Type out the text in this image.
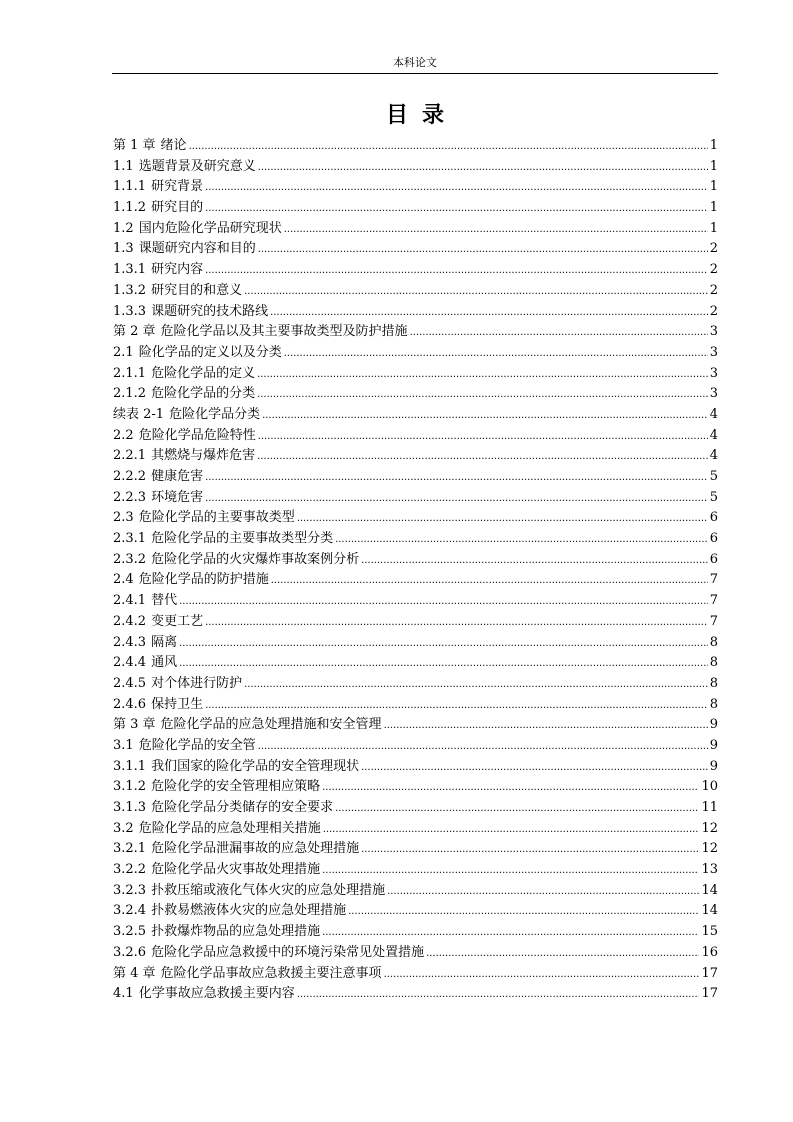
本科论文
目录
第 1 章 绪论 . . .	1
1.1 选题背景及研究意义 . . .	1
1.1.1 研究背景 . . .	1
1.1.2 研究目的 . . .	1
1.2 国内危险化学品研究现状 . . .	1
1.3 课题研究内容和目的 . . .	2
1.3.1 研究内容 . . .	2
1.3.2 研究目的和意义 . . .	2
1.3.3 课题研究的技术路线 . . .	2
第 2 章 危险化学品以及其主要事故类型及防护措施 . . .	3
2.1 险化学品的定义以及分类 . . .	3
2.1.1 危险化学品的定义 . . .	3
2.1.2 危险化学品的分类 . . .	3
续表 2-1 危险化学品分类 . . .	4
2.2 危险化学品危险特性 . . .	4
2.2.1 其燃烧与爆炸危害 . . .	4
2.2.2 健康危害 . . .	5
2.2.3 环境危害 . . .	5
2.3 危险化学品的主要事故类型 . . .	6
2.3.1 危险化学品的主要事故类型分类 . . .	6
2.3.2 危险化学品的火灾爆炸事故案例分析 . . .	6
2.4 危险化学品的防护措施 . . .	7
2.4.1 替代 . . .	7
2.4.2 变更工艺 . . .	7
2.4.3 隔离 . . .	8
2.4.4 通风 . . .	8
2.4.5 对个体进行防护 . . .	8
2.4.6 保持卫生 . . .	8
第 3 章 危险化学品的应急处理措施和安全管理 . . .	9
3.1 危险化学品的安全管 . . .	9
3.1.1 我们国家的险化学品的安全管理现状 . . .	9
3.1.2 危险化学的安全管理相应策略 . . .	10
3.1.3 危险化学品分类储存的安全要求 . . .	11
3.2 危险化学品的应急处理相关措施 . . .	12
3.2.1 危险化学品泄漏事故的应急处理措施 . . .	12
3.2.2 危险化学品火灾事故处理措施 . . .	13
3.2.3 扑救压缩或液化气体火灾的应急处理措施 . . .	14
3.2.4 扑救易燃液体火灾的应急处理措施 . . .	14
3.2.5 扑救爆炸物品的应急处理措施 . . .	15
3.2.6 危险化学品应急救援中的环境污染常见处置措施 . . .	16
第 4 章 危险化学品事故应急救援主要注意事项 . . .	17
4.1 化学事故应急救援主要内容 . . .	17
